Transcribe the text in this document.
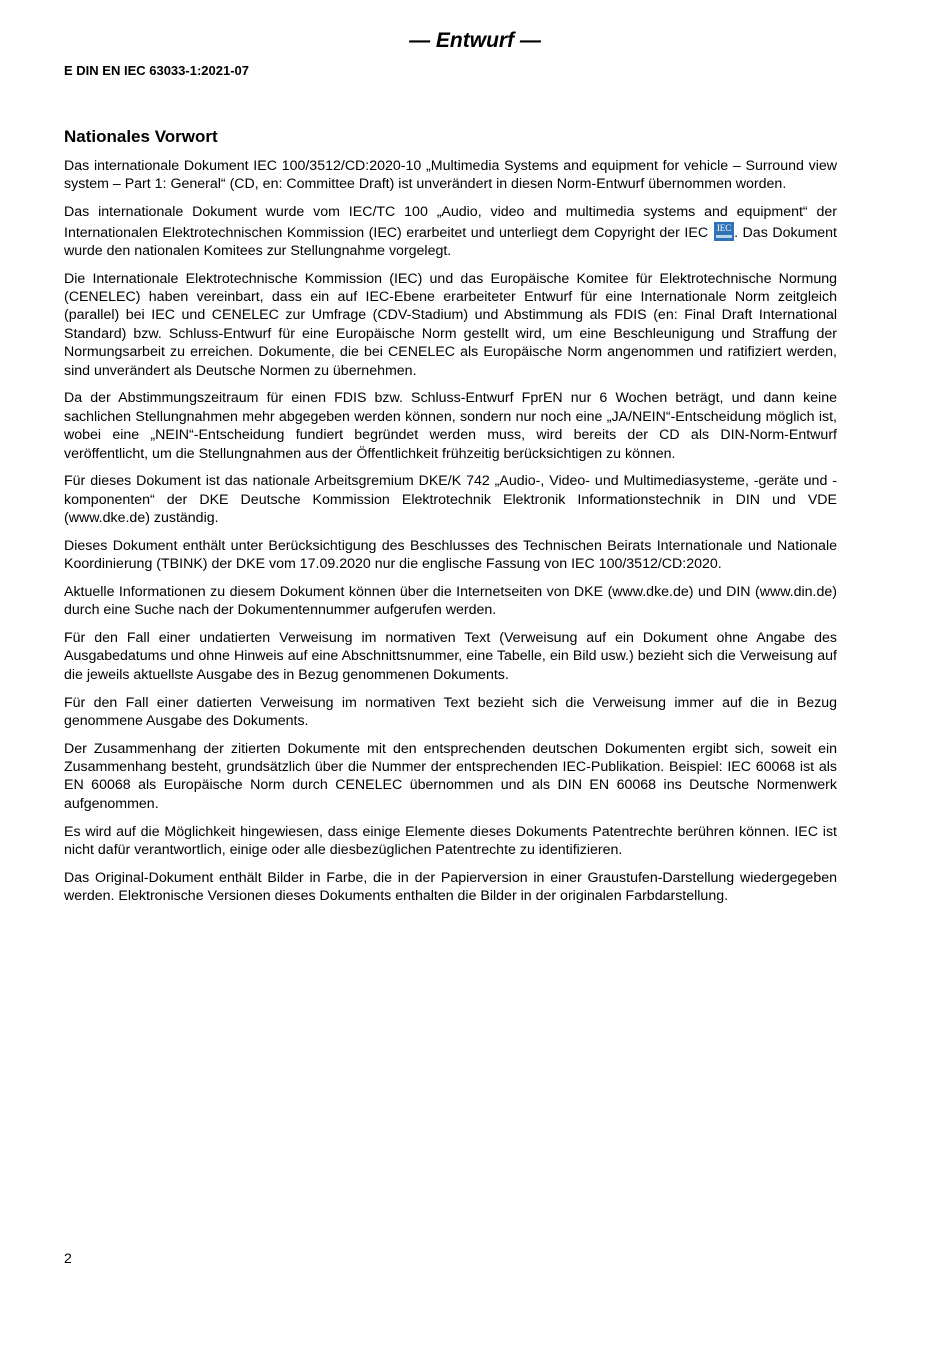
— Entwurf —
E DIN EN IEC 63033-1:2021-07
Nationales Vorwort

Das internationale Dokument IEC 100/3512/CD:2020-10 „Multimedia Systems and equipment for vehicle – Surround view system – Part 1: General“ (CD, en: Committee Draft) ist unverändert in diesen Norm-Entwurf übernommen worden.

Das internationale Dokument wurde vom IEC/TC 100 „Audio, video and multimedia systems and equipment“ der Internationalen Elektrotechnischen Kommission (IEC) erarbeitet und unterliegt dem Copyright der IEC IEC . Das Dokument wurde den nationalen Komitees zur Stellungnahme vorgelegt.

Die Internationale Elektrotechnische Kommission (IEC) und das Europäische Komitee für Elektrotechnische Normung (CENELEC) haben vereinbart, dass ein auf IEC-Ebene erarbeiteter Entwurf für eine Internationale Norm zeitgleich (parallel) bei IEC und CENELEC zur Umfrage (CDV-Stadium) und Abstimmung als FDIS (en: Final Draft International Standard) bzw. Schluss-Entwurf für eine Europäische Norm gestellt wird, um eine Beschleunigung und Straffung der Normungsarbeit zu erreichen. Dokumente, die bei CENELEC als Europäische Norm angenommen und ratifiziert werden, sind unverändert als Deutsche Normen zu übernehmen.

Da der Abstimmungszeitraum für einen FDIS bzw. Schluss-Entwurf FprEN nur 6 Wochen beträgt, und dann keine sachlichen Stellungnahmen mehr abgegeben werden können, sondern nur noch eine „JA/NEIN“-Entscheidung möglich ist, wobei eine „NEIN“-Entscheidung fundiert begründet werden muss, wird bereits der CD als DIN-Norm-Entwurf veröffentlicht, um die Stellungnahmen aus der Öffentlichkeit frühzeitig berücksichtigen zu können.

Für dieses Dokument ist das nationale Arbeitsgremium DKE/K 742 „Audio-, Video- und Multimediasysteme, -geräte und -komponenten“ der DKE Deutsche Kommission Elektrotechnik Elektronik Informationstechnik in DIN und VDE (www.dke.de) zuständig.

Dieses Dokument enthält unter Berücksichtigung des Beschlusses des Technischen Beirats Internationale und Nationale Koordinierung (TBINK) der DKE vom 17.09.2020 nur die englische Fassung von IEC 100/3512/CD:2020.

Aktuelle Informationen zu diesem Dokument können über die Internetseiten von DKE (www.dke.de) und DIN (www.din.de) durch eine Suche nach der Dokumentennummer aufgerufen werden.

Für den Fall einer undatierten Verweisung im normativen Text (Verweisung auf ein Dokument ohne Angabe des Ausgabedatums und ohne Hinweis auf eine Abschnittsnummer, eine Tabelle, ein Bild usw.) bezieht sich die Verweisung auf die jeweils aktuellste Ausgabe des in Bezug genommenen Dokuments.

Für den Fall einer datierten Verweisung im normativen Text bezieht sich die Verweisung immer auf die in Bezug genommene Ausgabe des Dokuments.

Der Zusammenhang der zitierten Dokumente mit den entsprechenden deutschen Dokumenten ergibt sich, soweit ein Zusammenhang besteht, grundsätzlich über die Nummer der entsprechenden IEC-Publikation. Beispiel: IEC 60068 ist als EN 60068 als Europäische Norm durch CENELEC übernommen und als DIN EN 60068 ins Deutsche Normenwerk aufgenommen.

Es wird auf die Möglichkeit hingewiesen, dass einige Elemente dieses Dokuments Patentrechte berühren können. IEC ist nicht dafür verantwortlich, einige oder alle diesbezüglichen Patentrechte zu identifizieren.

Das Original-Dokument enthält Bilder in Farbe, die in der Papierversion in einer Graustufen-Darstellung wiedergegeben werden. Elektronische Versionen dieses Dokuments enthalten die Bilder in der originalen Farbdarstellung.

2
